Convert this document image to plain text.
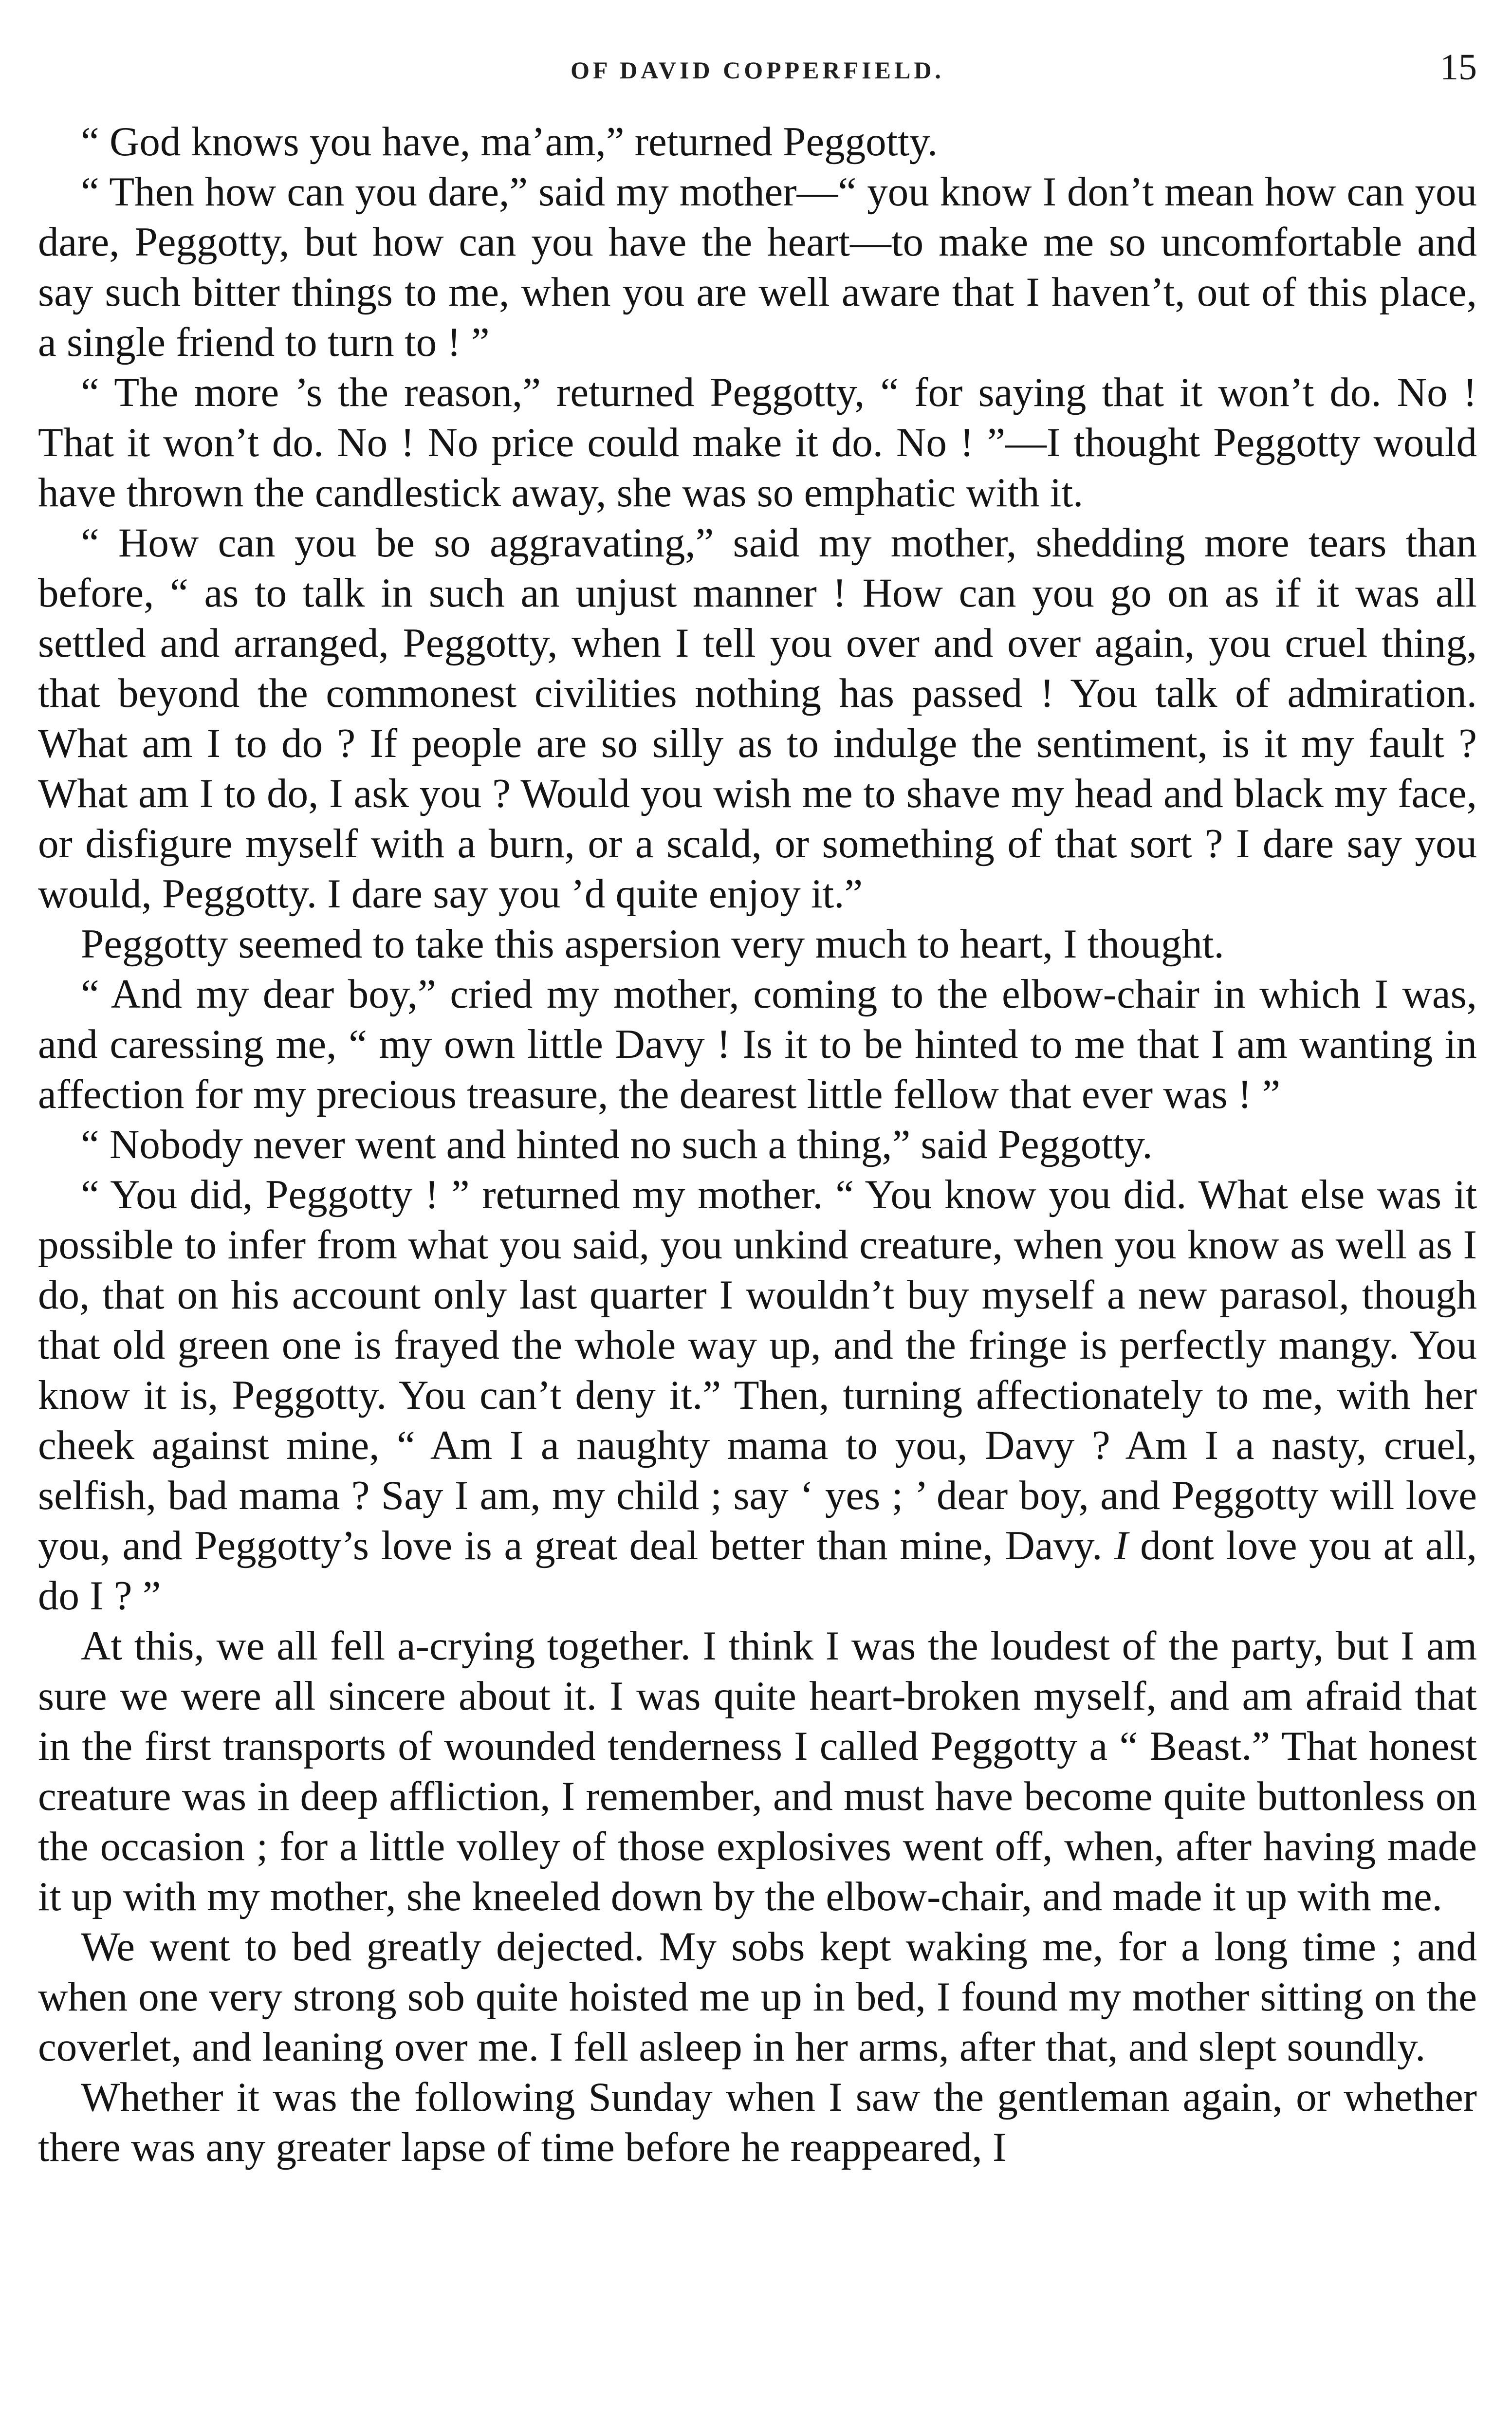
OF DAVID COPPERFIELD.	15

“ God knows you have, ma’am,” returned Peggotty.

“ Then how can you dare,” said my mother—“ you know I don’t mean how can you dare, Peggotty, but how can you have the heart—to make me so uncomfortable and say such bitter things to me, when you are well aware that I haven’t, out of this place, a single friend to turn to ! ”

“ The more ’s the reason,” returned Peggotty, “ for saying that it won’t do. No ! That it won’t do. No ! No price could make it do. No ! ”—I thought Peggotty would have thrown the candlestick away, she was so emphatic with it.

“ How can you be so aggravating,” said my mother, shedding more tears than before, “ as to talk in such an unjust manner ! How can you go on as if it was all settled and arranged, Peggotty, when I tell you over and over again, you cruel thing, that beyond the commonest civilities nothing has passed ! You talk of admiration. What am I to do ? If people are so silly as to indulge the sentiment, is it my fault ? What am I to do, I ask you ? Would you wish me to shave my head and black my face, or disfigure myself with a burn, or a scald, or something of that sort ? I dare say you would, Peggotty. I dare say you ’d quite enjoy it.”

Peggotty seemed to take this aspersion very much to heart, I thought.

“ And my dear boy,” cried my mother, coming to the elbow-chair in which I was, and caressing me, “ my own little Davy ! Is it to be hinted to me that I am wanting in affection for my precious treasure, the dearest little fellow that ever was ! ”

“ Nobody never went and hinted no such a thing,” said Peggotty.

“ You did, Peggotty ! ” returned my mother. “ You know you did. What else was it possible to infer from what you said, you unkind creature, when you know as well as I do, that on his account only last quarter I wouldn’t buy myself a new parasol, though that old green one is frayed the whole way up, and the fringe is perfectly mangy. You know it is, Peggotty. You can’t deny it.” Then, turning affectionately to me, with her cheek against mine, “ Am I a naughty mama to you, Davy ? Am I a nasty, cruel, selfish, bad mama ? Say I am, my child ; say ‘ yes ; ’ dear boy, and Peggotty will love you, and Peggotty’s love is a great deal better than mine, Davy. I dont love you at all, do I ? ”

At this, we all fell a-crying together. I think I was the loudest of the party, but I am sure we were all sincere about it. I was quite heart-broken myself, and am afraid that in the first transports of wounded tenderness I called Peggotty a “ Beast.” That honest creature was in deep affliction, I remember, and must have become quite buttonless on the occasion ; for a little volley of those explosives went off, when, after having made it up with my mother, she kneeled down by the elbow-chair, and made it up with me.

We went to bed greatly dejected. My sobs kept waking me, for a long time ; and when one very strong sob quite hoisted me up in bed, I found my mother sitting on the coverlet, and leaning over me. I fell asleep in her arms, after that, and slept soundly.

Whether it was the following Sunday when I saw the gentleman again, or whether there was any greater lapse of time before he reappeared, I
